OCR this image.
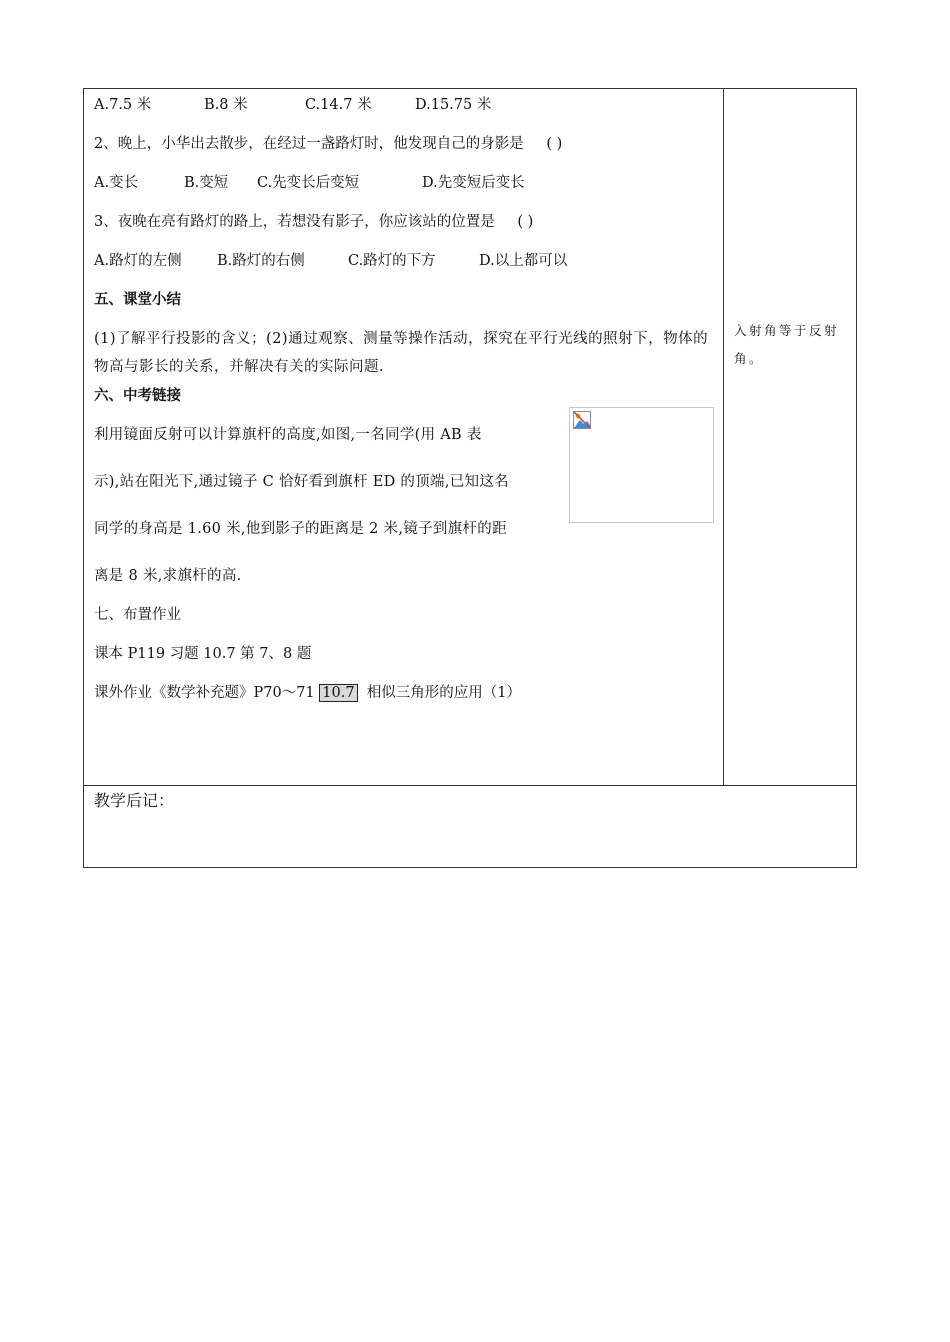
A.7.5 米	B.8 米	C.14.7 米	D.15.75 米
2、晚上，小华出去散步，在经过一盏路灯时，他发现自己的身影是 ( )
A.变长	B.变短 C.先变长后变短	D.先变短后变长
3、夜晚在亮有路灯的路上，若想没有影子，你应该站的位置是 ( )
A.路灯的左侧 B.路灯的右侧	C.路灯的下方	D.以上都可以
五、课堂小结
(1)了解平行投影的含义；(2)通过观察、测量等操作活动，探究在平行光线的照射下，物体的物高与影长的关系，并解决有关的实际问题.
六、中考链接
利用镜面反射可以计算旗杆的高度,如图,一名同学(用 AB 表
示),站在阳光下,通过镜子 C 恰好看到旗杆 ED 的顶端,已知这名
同学的身高是 1.60 米,他到影子的距离是 2 米,镜子到旗杆的距
离是 8 米,求旗杆的高.
七、布置作业
课本 P119 习题 10.7 第 7、8 题
课外作业《数学补充题》P70～71 10.7  相似三角形的应用（1）
入射角等于反射角。
教学后记：
